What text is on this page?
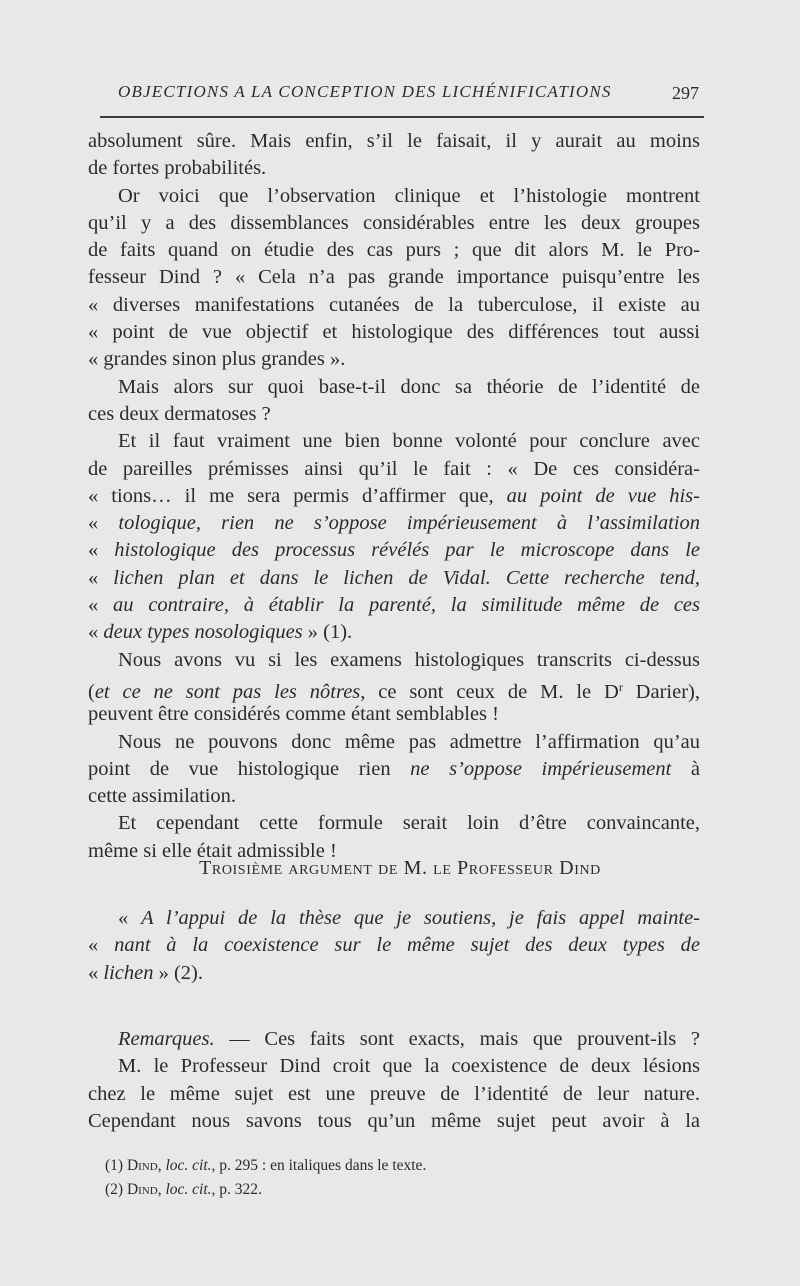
OBJECTIONS A LA CONCEPTION DES LICHÉNIFICATIONS	297
absolument sûre. Mais enfin, s’il le faisait, il y aurait au moins
de fortes probabilités.
Or voici que l’observation clinique et l’histologie montrent
qu’il y a des dissemblances considérables entre les deux groupes
de faits quand on étudie des cas purs ; que dit alors M. le Pro-
fesseur Dind ? « Cela n’a pas grande importance puisqu’entre les
« diverses manifestations cutanées de la tuberculose, il existe au
« point de vue objectif et histologique des différences tout aussi
« grandes sinon plus grandes ».
Mais alors sur quoi base-t-il donc sa théorie de l’identité de
ces deux dermatoses ?
Et il faut vraiment une bien bonne volonté pour conclure avec
de pareilles prémisses ainsi qu’il le fait : « De ces considéra-
« tions… il me sera permis d’affirmer que, au point de vue his-
« tologique, rien ne s’oppose impérieusement à l’assimilation
« histologique des processus révélés par le microscope dans le
« lichen plan et dans le lichen de Vidal. Cette recherche tend,
« au contraire, à établir la parenté, la similitude même de ces
« deux types nosologiques » (1).
Nous avons vu si les examens histologiques transcrits ci-dessus
(et ce ne sont pas les nôtres, ce sont ceux de M. le $D^r$ Darier),
peuvent être considérés comme étant semblables !
Nous ne pouvons donc même pas admettre l’affirmation qu’au
point de vue histologique rien ne s’oppose impérieusement à
cette assimilation.
Et cependant cette formule serait loin d’être convaincante,
même si elle était admissible !
Troisième argument de M. le Professeur Dind
« A l’appui de la thèse que je soutiens, je fais appel mainte-
« nant à la coexistence sur le même sujet des deux types de
« lichen » (2).
Remarques. — Ces faits sont exacts, mais que prouvent-ils ?
M. le Professeur Dind croit que la coexistence de deux lésions
chez le même sujet est une preuve de l’identité de leur nature.
Cependant nous savons tous qu’un même sujet peut avoir à la
(1) Dind, loc. cit., p. 295 : en italiques dans le texte.
(2) Dind, loc. cit., p. 322.
